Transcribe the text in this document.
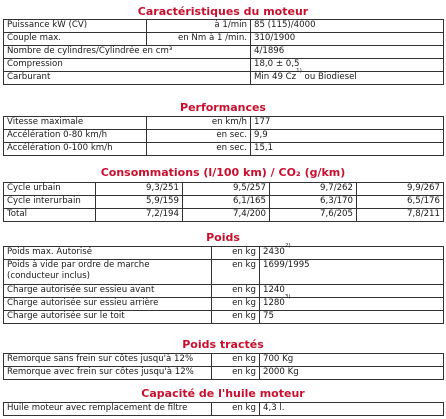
Caractéristiques du moteur
Puissance kW (CV)	à 1/min	85 (115)/4000
Couple max.	en Nm à 1 /min.	310/1900
Nombre de cylindres/Cylindrée en cm³		4/1896
Compression		18,0 ± 0,5
Carburant		Min 49 Cz$^{1)}$ ou Biodiesel
Performances
Vitesse maximale	en km/h	177
Accélération 0-80 km/h	en sec.	9,9
Accélération 0-100 km/h	en sec.	15,1
Consommations (l/100 km) / CO₂ (g/km)
Cycle urbain	9,3/251	9,5/257	9,7/262	9,9/267
Cycle interurbain	5,9/159	6,1/165	6,3/170	6,5/176
Total	7,2/194	7,4/200	7,6/205	7,8/211
Poids
Poids max. Autorisé	en kg	2430$^{2)}$

Poids à vide par ordre de marche
(conducteur inclus)	en kg	1699/1995
Charge autorisée sur essieu avant	en kg	1240
Charge autorisée sur essieu arrière	en kg	1280$^{3)}$
Charge autorisée sur le toit	en kg	75
Poids tractés
Remorque sans frein sur côtes jusqu'à 12%	en kg	700 Kg
Remorque avec frein sur côtes jusqu'à 12%	en kg	2000 Kg
Capacité de l'huile moteur
Huile moteur avec remplacement de filtre	en kg	4,3 l.
